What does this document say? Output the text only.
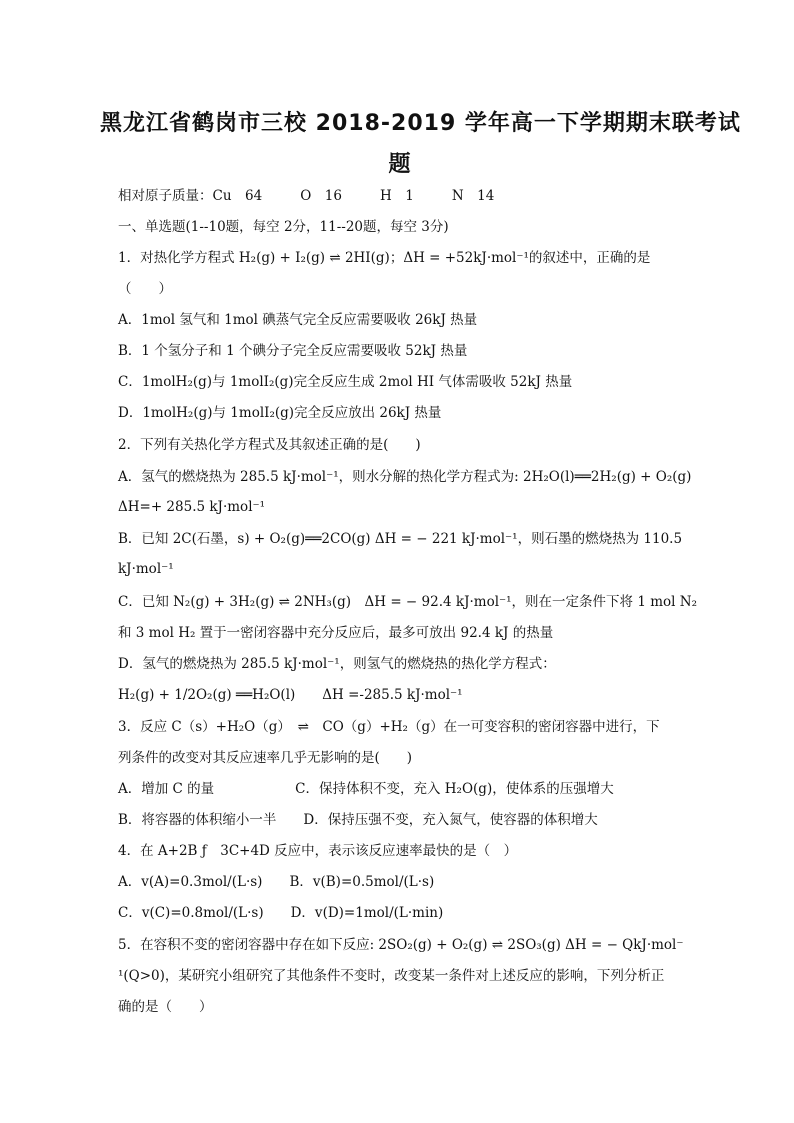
黑龙江省鹤岗市三校 2018-2019 学年高一下学期期末联考试
题
相对原子质量：Cu　64	O　16	H　1	N　14
一、单选题(1--10题，每空 2分，11--20题，每空 3分)
1．对热化学方程式 H₂(g) + I₂(g) ⇌ 2HI(g)；ΔH = +52kJ·mol⁻¹的叙述中，正确的是
（　　）
A．1mol 氢气和 1mol 碘蒸气完全反应需要吸收 26kJ 热量
B．1 个氢分子和 1 个碘分子完全反应需要吸收 52kJ 热量
C．1molH₂(g)与 1molI₂(g)完全反应生成 2mol HI 气体需吸收 52kJ 热量
D．1molH₂(g)与 1molI₂(g)完全反应放出 26kJ 热量
2．下列有关热化学方程式及其叙述正确的是(　　)
A．氢气的燃烧热为 285.5 kJ·mol⁻¹，则水分解的热化学方程式为: 2H₂O(l)══2H₂(g) + O₂(g)
ΔH=+ 285.5 kJ·mol⁻¹
B．已知 2C(石墨，s) + O₂(g)══2CO(g) ΔH = − 221 kJ·mol⁻¹，则石墨的燃烧热为 110.5
kJ·mol⁻¹
C．已知 N₂(g) + 3H₂(g) ⇌ 2NH₃(g)　ΔH = − 92.4 kJ·mol⁻¹，则在一定条件下将 1 mol N₂
和 3 mol H₂ 置于一密闭容器中充分反应后，最多可放出 92.4 kJ 的热量
D．氢气的燃烧热为 285.5 kJ·mol⁻¹，则氢气的燃烧热的热化学方程式：
H₂(g) + 1/2O₂(g) ══H₂O(l)　　ΔH =-285.5 kJ·mol⁻¹
3．反应 C（s）+H₂O（g）　⇌　CO（g）+H₂（g）在一可变容积的密闭容器中进行，下
列条件的改变对其反应速率几乎无影响的是(　　)
A．增加 C 的量　　　　　　C．保持体积不变，充入 H₂O(g)，使体系的压强增大
B．将容器的体积缩小一半　　D．保持压强不变，充入氮气，使容器的体积增大
4．在 A+2B ƒ　3C+4D 反应中，表示该反应速率最快的是（　）
A．v(A)=0.3mol/(L·s)　　B．v(B)=0.5mol/(L·s)
C．v(C)=0.8mol/(L·s)　　D．v(D)=1mol/(L·min)
5．在容积不变的密闭容器中存在如下反应: 2SO₂(g) + O₂(g) ⇌ 2SO₃(g) ΔH = − QkJ·mol⁻
¹(Q>0)，某研究小组研究了其他条件不变时，改变某一条件对上述反应的影响，下列分析正
确的是（　　）
